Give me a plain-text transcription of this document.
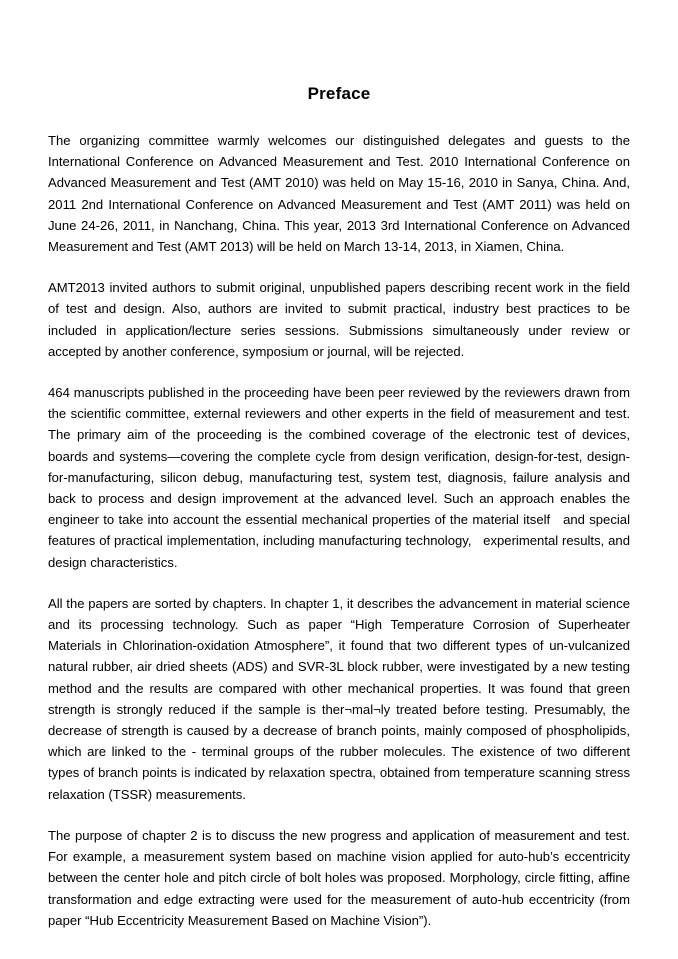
Preface

The organizing committee warmly welcomes our distinguished delegates and guests to the International Conference on Advanced Measurement and Test. 2010 International Conference on Advanced Measurement and Test (AMT 2010) was held on May 15-16, 2010 in Sanya, China. And, 2011 2nd International Conference on Advanced Measurement and Test (AMT 2011) was held on June 24-26, 2011, in Nanchang, China. This year, 2013 3rd International Conference on Advanced Measurement and Test (AMT 2013) will be held on March 13-14, 2013, in Xiamen, China.

AMT2013 invited authors to submit original, unpublished papers describing recent work in the field of test and design. Also, authors are invited to submit practical, industry best practices to be included in application/lecture series sessions. Submissions simultaneously under review or accepted by another conference, symposium or journal, will be rejected.

464 manuscripts published in the proceeding have been peer reviewed by the reviewers drawn from the scientific committee, external reviewers and other experts in the field of measurement and test. The primary aim of the proceeding is the combined coverage of the electronic test of devices, boards and systems—covering the complete cycle from design verification, design-for-test, design-for-manufacturing, silicon debug, manufacturing test, system test, diagnosis, failure analysis and back to process and design improvement at the advanced level. Such an approach enables the   engineer to take into account the essential mechanical properties of the material itself   and special features of practical implementation, including manufacturing technology,   experimental results, and design characteristics.

All the papers are sorted by chapters. In chapter 1, it describes the advancement in material science and its processing technology. Such as paper “High Temperature Corrosion of Superheater Materials in Chlorination-oxidation Atmosphere”, it found that two different types of un-vulcanized natural rubber, air dried sheets (ADS) and SVR-3L block rubber, were investigated by a new testing method and the results are compared with other mechanical properties. It was found that green strength is strongly reduced if the sample is ther¬mal¬ly treated before testing. Presumably, the decrease of strength is caused by a decrease of branch points, mainly composed of phospholipids, which are linked to the - terminal groups of the rubber molecules. The existence of two different types of branch points is indicated by relaxation spectra, obtained from temperature scanning stress relaxation (TSSR) measurements.

The purpose of chapter 2 is to discuss the new progress and application of measurement and test. For example, a measurement system based on machine vision applied for auto-hub’s eccentricity between the center hole and pitch circle of bolt holes was proposed. Morphology, circle fitting, affine transformation and edge extracting were used for the measurement of auto-hub eccentricity (from paper “Hub Eccentricity Measurement Based on Machine Vision”).
